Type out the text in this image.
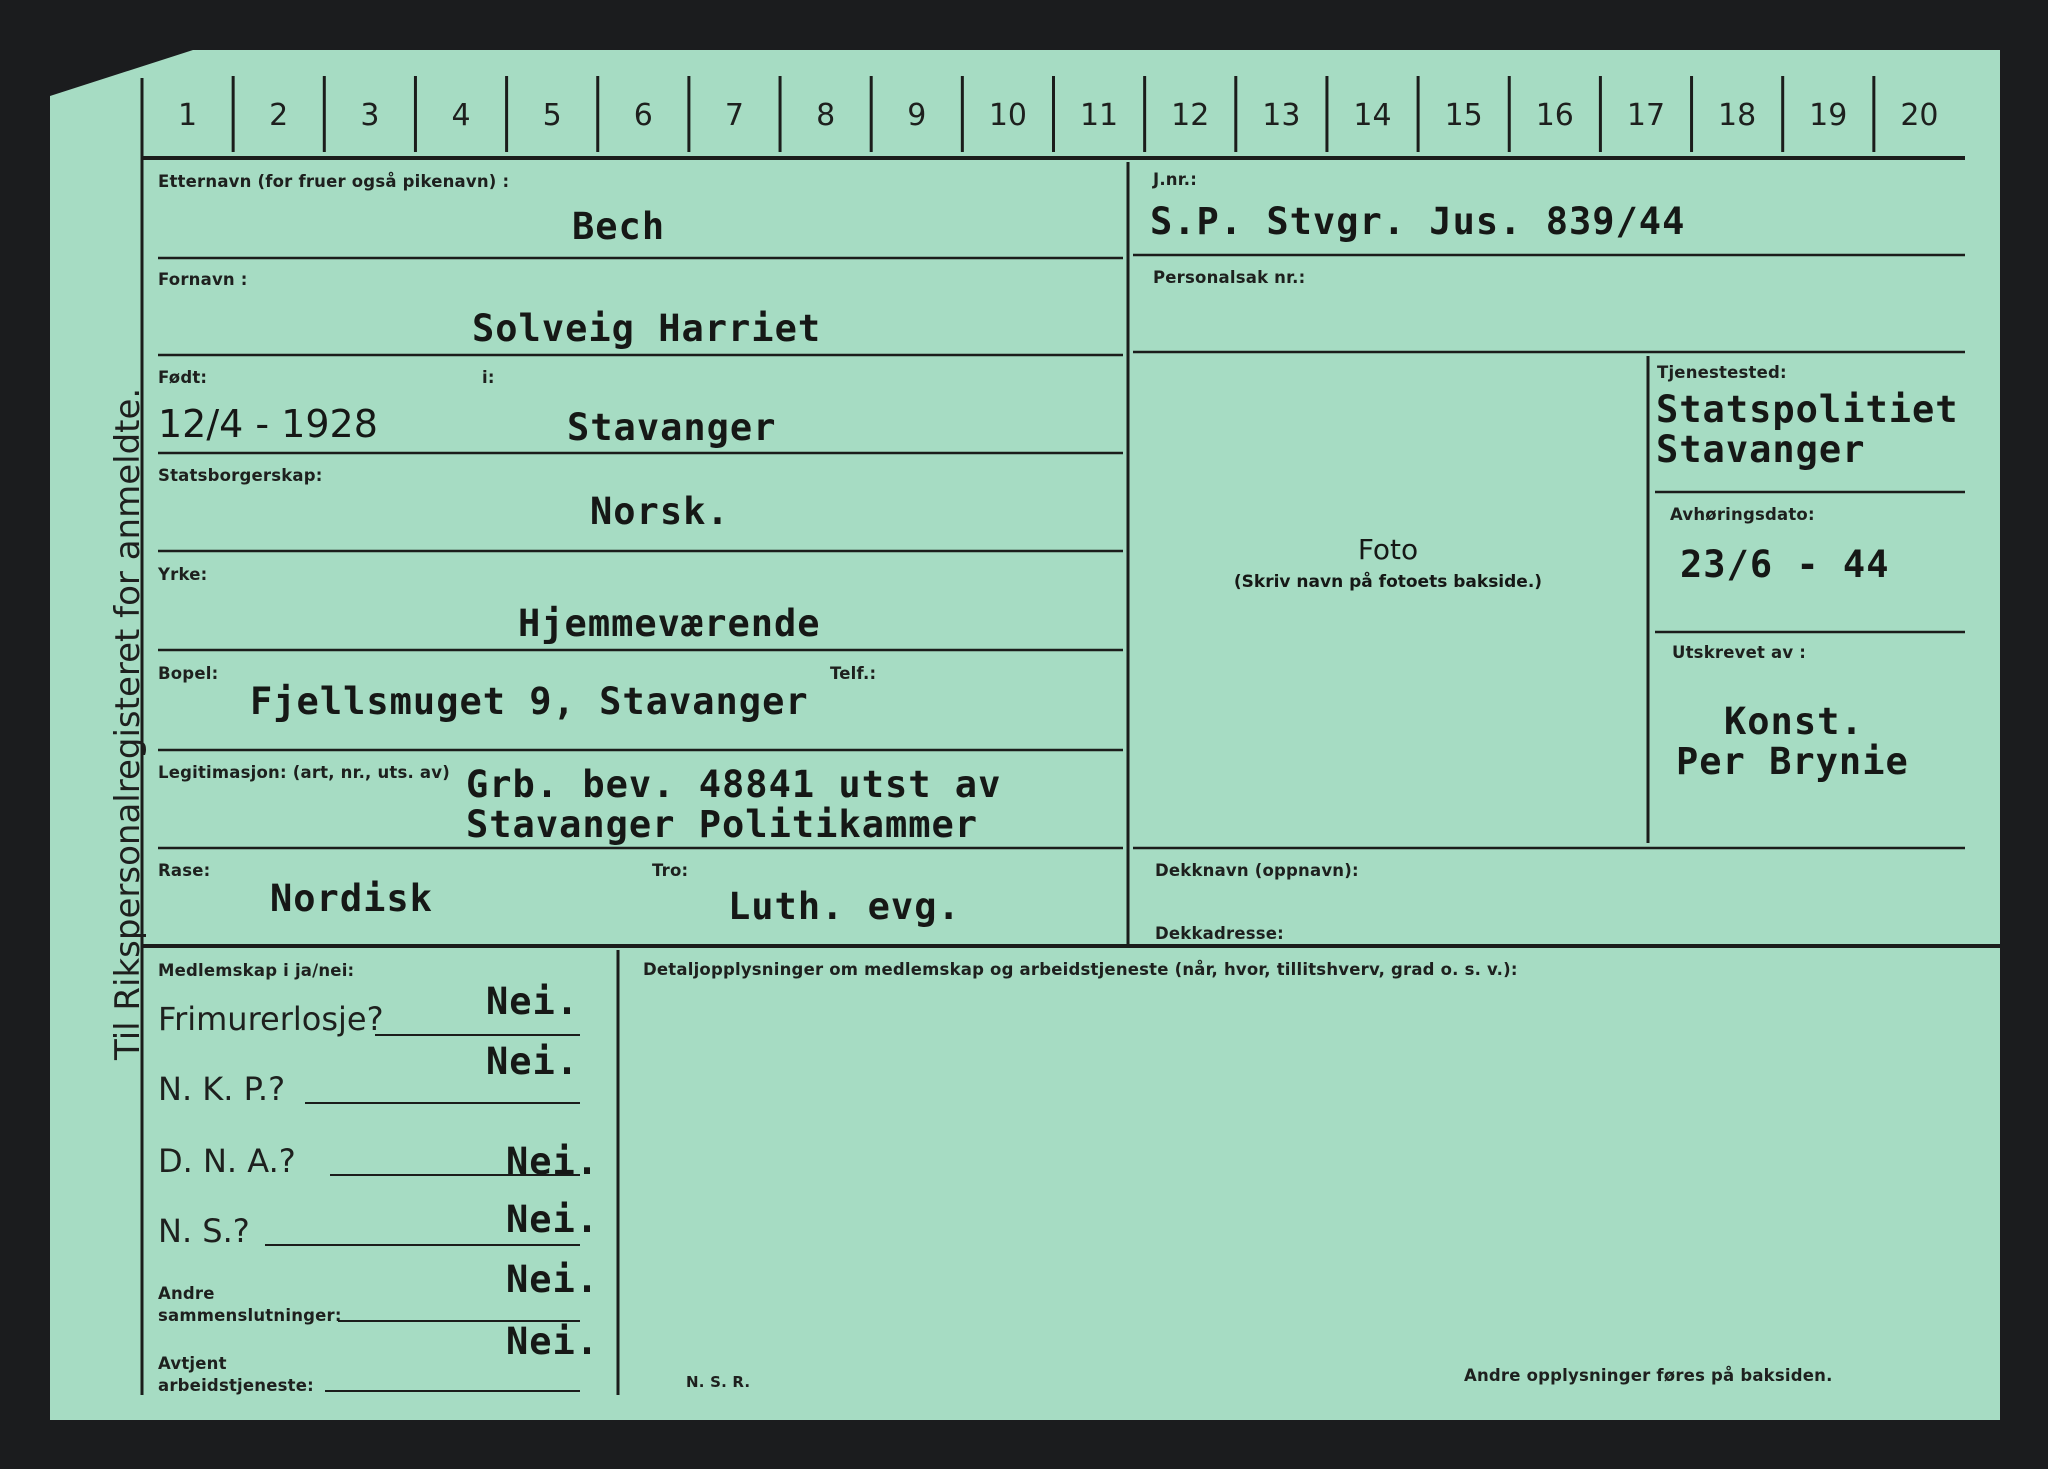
Til Rikspersonalregisteret for anmeldte.
1	2	3	4	5	6	7	8	9	10	11	12	13	14	15	16	17	18	19	20
Etternavn (for fruer også pikenavn) :
Bech
Fornavn :
Solveig Harriet
Født:
12/4 - 1928
i:
Stavanger
Statsborgerskap:
Norsk.
Yrke:
Hjemmeværende
Bopel:
Fjellsmuget 9, Stavanger
Telf.:
Legitimasjon: (art, nr., uts. av) Grb. bev. 48841 utst av
Stavanger Politikammer
Rase:
Nordisk
Tro:
Luth. evg.
J.nr.:
S.P. Stvgr. Jus. 839/44
Personalsak nr.:
Foto
(Skriv navn på fotoets bakside.)
Tjenestested:
Statspolitiet
Stavanger
Avhøringsdato:
23/6 - 44
Utskrevet av :
Konst.
Per Brynie
Dekknavn (oppnavn):
Dekkadresse:
Medlemskap i ja/nei:
Frimurerlosje?	Nei.
N. K. P.?
Nei.
D. N. A.?	Nei.
N. S.?	Nei.
Andre
sammenslutninger:
Nei.
Avtjent
arbeidstjeneste:
Nei.
Detaljopplysninger om medlemskap og arbeidstjeneste (når, hvor, tillitshverv, grad o. s. v.):
N. S. R.	Andre opplysninger føres på baksiden.
